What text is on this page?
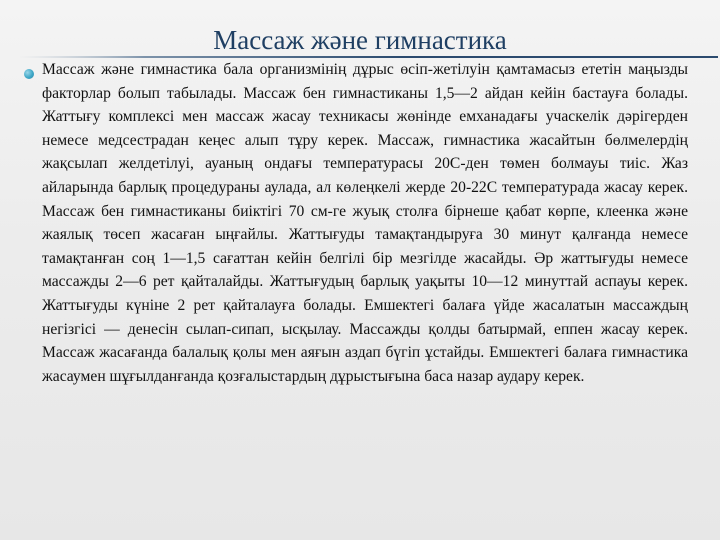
Массаж және гимнастика

Массаж және гимнастика бала организмінің дұрыс өсіп-жетілуін қамтамасыз ететін маңызды факторлар болып табылады. Массаж бен гимнастиканы 1,5—2 айдан кейін бастауға болады. Жаттығу комплексі мен массаж жасау техникасы жөнінде емханадағы учаскелік дәрігерден немесе медсестрадан кеңес алып тұру керек. Массаж, гимнастика жасайтын бөлмелердің жақсылап желдетілуі, ауаның ондағы температурасы 20С-ден төмен болмауы тиіс. Жаз айларында барлық процедураны аулада, ал көлеңкелі жерде 20-22С температурада жасау керек. Массаж бен гимнастиканы биіктігі 70 см-ге жуық столға бірнеше қабат көрпе, клеенка және жаялық төсеп жасаған ыңғайлы. Жаттығуды тамақтандыруға 30 минут қалғанда немесе тамақтанған соң 1—1,5 сағаттан кейін белгілі бір мезгілде жасайды. Әр жаттығуды немесе массажды 2—6 рет қайталайды. Жаттығудың барлық уақыты 10—12 минуттай аспауы керек. Жаттығуды күніне 2 рет қайталауға болады. Емшектегі балаға үйде жасалатын массаждың негізгісі — денесін сылап-сипап, ысқылау. Массажды қолды батырмай, еппен жасау керек. Массаж жасағанда балалық қолы мен аяғын аздап бүгіп ұстайды. Емшектегі балаға гимнастика жасаумен шұғылданғанда қозғалыстардың дұрыстығына баса назар аудару керек.
